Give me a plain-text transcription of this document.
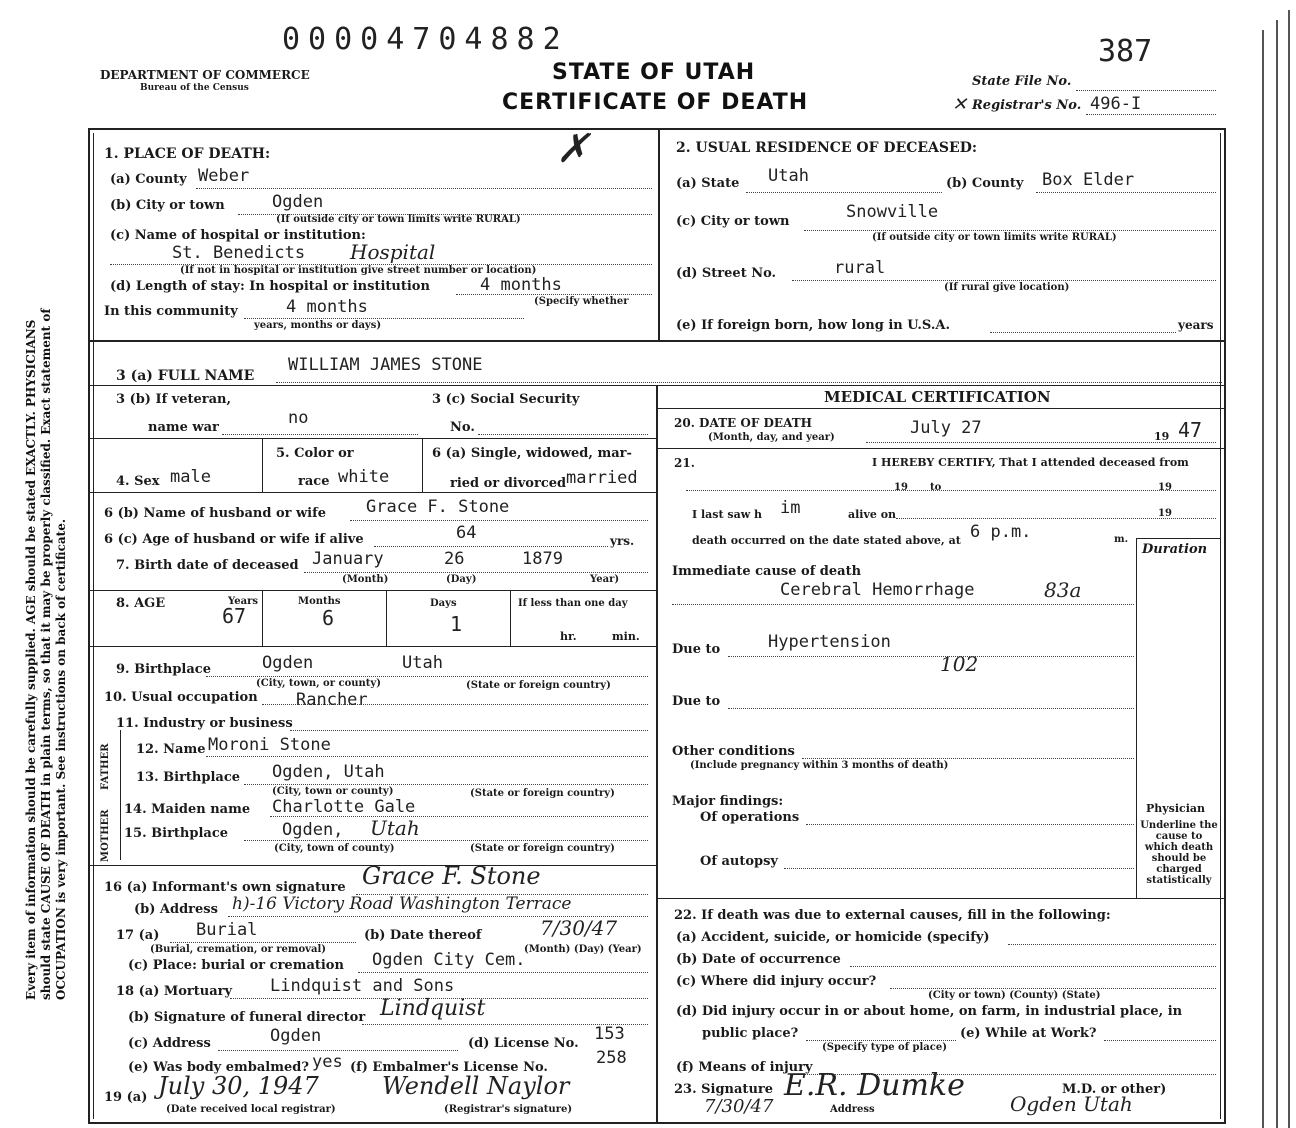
00004704882	387
DEPARTMENT OF COMMERCE
Bureau of the Census
STATE OF UTAH
CERTIFICATE OF DEATH
State File No.
✕ Registrar's No. 496-I
Every item of information should be carefully supplied. AGE should be stated EXACTLY. PHYSICIANS should state CAUSE OF DEATH in plain terms, so that it may be properly classified. Exact statement of OCCUPATION is very important. See instructions on back of certificate.
1. PLACE OF DEATH:
(a) County Weber
(b) City or town	Ogden
(If outside city or town limits write RURAL)
(c) Name of hospital or institution:
St. Benedicts Hospital
(If not in hospital or institution give street number or location)
(d) Length of stay: In hospital or institution	4 months
In this community	4 months	(Specify whether
years, months or days)
✗	2. USUAL RESIDENCE OF DECEASED:
(a) State Utah	(b) County Box Elder
(c) City or town	Snowville
(If outside city or town limits write RURAL)
(d) Street No.	rural
(If rural give location)
(e) If foreign born, how long in U.S.A.	years
3 (a) FULL NAME
WILLIAM JAMES STONE
3 (b) If veteran,
name war	no
3 (c) Social Security
No.
4. Sex male
5. Color or
race white
6 (a) Single, widowed, mar-
ried or divorced married
6 (b) Name of husband or wife Grace F. Stone
6 (c) Age of husband or wife if alive	64	yrs.
7. Birth date of deceased January	26	1879
(Month)	(Day)	Year)
8. AGE	Years	Months	Days	If less than one day
67	6	1
hr.	min.
9. Birthplace	Ogden	Utah
(City, town, or county)	(State or foreign country)
10. Usual occupation Rancher
11. Industry or business
FATHER
MOTHER
12. Name Moroni Stone
13. Birthplace Ogden, Utah
(City, town or county)	(State or foreign country)
14. Maiden name Charlotte Gale
15. Birthplace	Ogden, Utah
(City, town of county)	(State or foreign country)
16 (a) Informant's own signature Grace F. Stone
(b) Address h)-16 Victory Road Washington Terrace
17 (a) Burial
(Burial, cremation, or removal)
(b) Date thereof	7/30/47
(Month) (Day) (Year)
(c) Place: burial or cremation Ogden City Cem.
18 (a) Mortuary Lindquist and Sons
(b) Signature of funeral director Lindquist
(c) Address	Ogden	(d) License No. 153
(e) Was body embalmed? yes (f) Embalmer's License No.	258
19 (a) July 30, 1947	Wendell Naylor
(Date received local registrar)	(Registrar's signature)
MEDICAL CERTIFICATION
20. DATE OF DEATH
(Month, day, and year)	July 27	19 47
21.	I HEREBY CERTIFY, That I attended deceased from
19 to	19
I last saw h im	alive on	19
death occurred on the date stated above, at 6 p.m.	m.
Duration
Immediate cause of death
Cerebral Hemorrhage	83a
Due to	Hypertension
102
Due to
Other conditions
(Include pregnancy within 3 months of death)
Major findings:
Of operations
Of autopsy
Physician
Underline the cause to which death should be charged statistically
22. If death was due to external causes, fill in the following:
(a) Accident, suicide, or homicide (specify)
(b) Date of occurrence
(c) Where did injury occur?
(City or town) (County) (State)
(d) Did injury occur in or about home, on farm, in industrial place, in
public place?
(Specify type of place)
(e) While at Work?
(f) Means of injury
23. Signature E.R. Dumke	M.D. or other)
7/30/47	Address	Ogden Utah
